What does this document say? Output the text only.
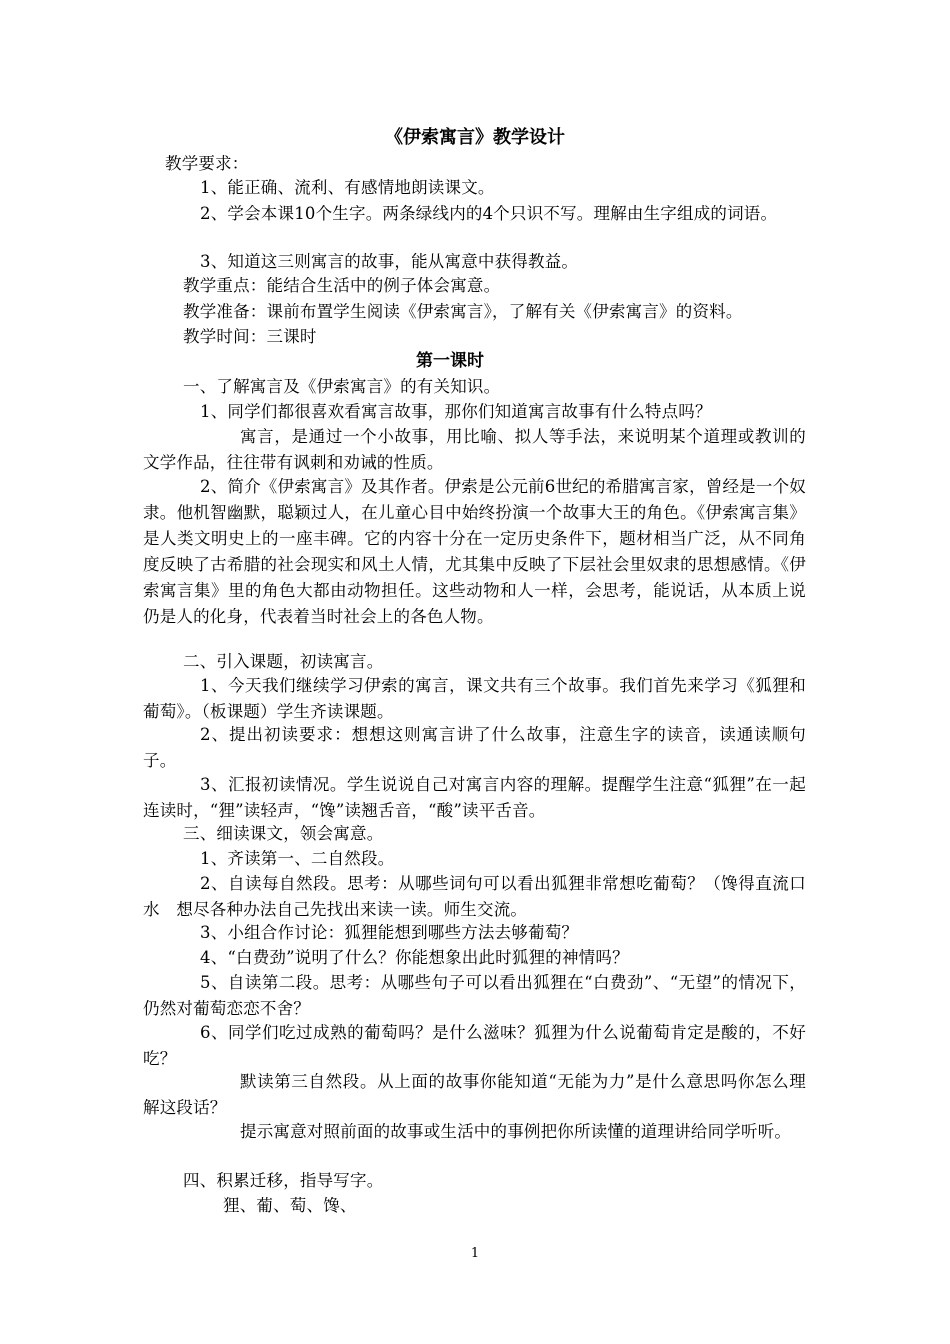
《伊索寓言》教学设计
教学要求：
1、能正确、流利、有感情地朗读课文。
2、学会本课10个生字。两条绿线内的4个只识不写。理解由生字组成的词语。
3、知道这三则寓言的故事，能从寓意中获得教益。
教学重点：能结合生活中的例子体会寓意。
教学准备：课前布置学生阅读《伊索寓言》，了解有关《伊索寓言》的资料。
教学时间：三课时
第一课时
一、了解寓言及《伊索寓言》的有关知识。
1、同学们都很喜欢看寓言故事，那你们知道寓言故事有什么特点吗？
寓言，是通过一个小故事，用比喻、拟人等手法，来说明某个道理或教训的文学作品，往往带有讽刺和劝诫的性质。
2、简介《伊索寓言》及其作者。伊索是公元前6世纪的希腊寓言家，曾经是一个奴隶。他机智幽默，聪颖过人，在儿童心目中始终扮演一个故事大王的角色。《伊索寓言集》是人类文明史上的一座丰碑。它的内容十分在一定历史条件下，题材相当广泛，从不同角度反映了古希腊的社会现实和风土人情，尤其集中反映了下层社会里奴隶的思想感情。《伊索寓言集》里的角色大都由动物担任。这些动物和人一样，会思考，能说话，从本质上说仍是人的化身，代表着当时社会上的各色人物。
二、引入课题，初读寓言。
1、今天我们继续学习伊索的寓言，课文共有三个故事。我们首先来学习《狐狸和葡萄》。（板课题）学生齐读课题。
2、提出初读要求：想想这则寓言讲了什么故事，注意生字的读音，读通读顺句子。
3、汇报初读情况。学生说说自己对寓言内容的理解。提醒学生注意“狐狸”在一起连读时，“狸”读轻声，“馋”读翘舌音，“酸”读平舌音。
三、细读课文，领会寓意。
1、齐读第一、二自然段。
2、自读每自然段。思考：从哪些词句可以看出狐狸非常想吃葡萄？（馋得直流口水　想尽各种办法自己先找出来读一读。师生交流。
3、小组合作讨论：狐狸能想到哪些方法去够葡萄？
4、“白费劲”说明了什么？你能想象出此时狐狸的神情吗？
5、自读第二段。思考：从哪些句子可以看出狐狸在“白费劲”、“无望”的情况下，仍然对葡萄恋恋不舍？
6、同学们吃过成熟的葡萄吗？是什么滋味？狐狸为什么说葡萄肯定是酸的，不好吃？
默读第三自然段。从上面的故事你能知道“无能为力”是什么意思吗你怎么理解这段话？
提示寓意对照前面的故事或生活中的事例把你所读懂的道理讲给同学听听。
四、积累迁移，指导写字。
狸、葡、萄、馋、
1
